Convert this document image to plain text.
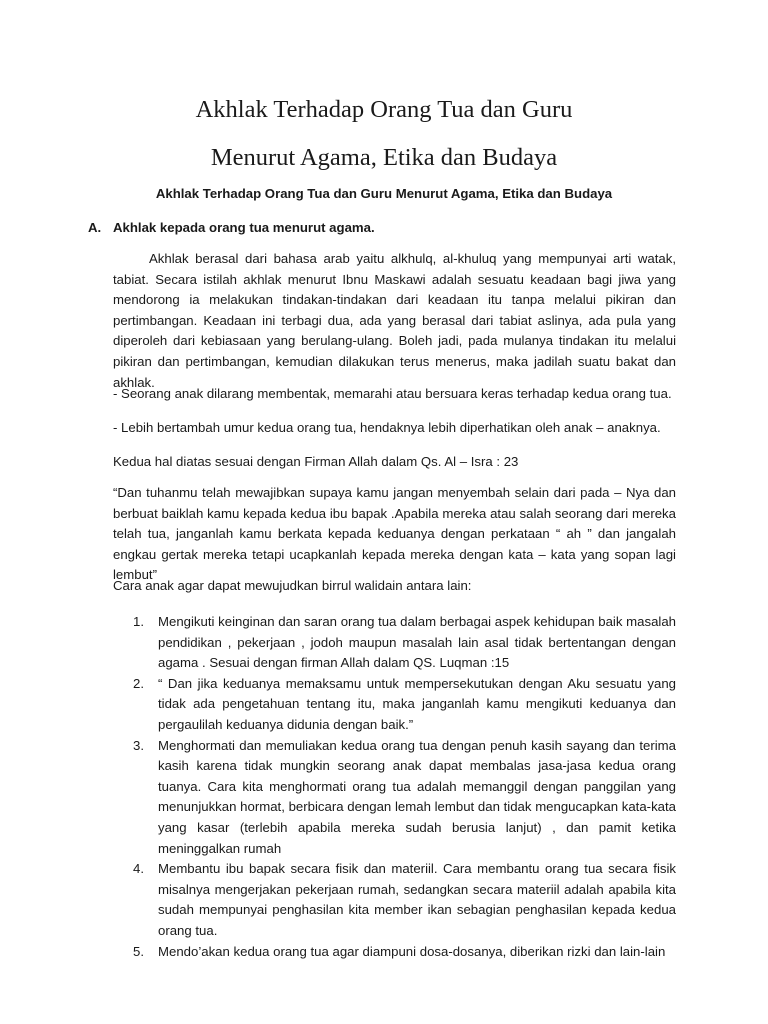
Akhlak Terhadap Orang Tua dan Guru
Menurut Agama, Etika dan Budaya
Akhlak Terhadap Orang Tua dan Guru Menurut Agama, Etika dan Budaya
A. Akhlak kepada orang tua menurut agama.

Akhlak berasal dari bahasa arab yaitu alkhulq, al-khuluq yang mempunyai arti watak, tabiat. Secara istilah akhlak menurut Ibnu Maskawi adalah sesuatu keadaan bagi jiwa yang mendorong ia melakukan tindakan-tindakan dari keadaan itu tanpa melalui pikiran dan pertimbangan. Keadaan ini terbagi dua, ada yang berasal dari tabiat aslinya, ada pula yang diperoleh dari kebiasaan yang berulang-ulang. Boleh jadi, pada mulanya tindakan itu melalui pikiran dan pertimbangan, kemudian dilakukan terus menerus, maka jadilah suatu bakat dan akhlak.

- Seorang anak dilarang membentak, memarahi atau bersuara keras terhadap kedua orang tua.

- Lebih bertambah umur kedua orang tua, hendaknya lebih diperhatikan oleh anak – anaknya.

Kedua hal diatas sesuai dengan Firman Allah dalam Qs. Al – Isra : 23

“Dan tuhanmu telah mewajibkan supaya kamu jangan menyembah selain dari pada – Nya dan berbuat baiklah kamu kepada kedua ibu bapak .Apabila mereka atau salah seorang dari mereka telah tua, janganlah kamu berkata kepada keduanya dengan perkataan “ ah ” dan jangalah engkau gertak mereka tetapi ucapkanlah kepada mereka dengan kata – kata yang sopan lagi lembut”

Cara anak agar dapat mewujudkan birrul walidain antara lain:

1. Mengikuti keinginan dan saran orang tua dalam berbagai aspek kehidupan baik masalah pendidikan , pekerjaan , jodoh maupun masalah lain asal tidak bertentangan dengan agama . Sesuai dengan firman Allah dalam QS. Luqman :15

2. “ Dan jika keduanya memaksamu untuk mempersekutukan dengan Aku sesuatu yang tidak ada pengetahuan tentang itu, maka janganlah kamu mengikuti keduanya dan pergaulilah keduanya didunia dengan baik.”

3. Menghormati dan memuliakan kedua orang tua dengan penuh kasih sayang dan terima kasih karena tidak mungkin seorang anak dapat membalas jasa-jasa kedua orang tuanya. Cara kita menghormati orang tua adalah memanggil dengan panggilan yang menunjukkan hormat, berbicara dengan lemah lembut dan tidak mengucapkan kata-kata yang kasar (terlebih apabila mereka sudah berusia lanjut) , dan pamit ketika meninggalkan rumah

4. Membantu ibu bapak secara fisik dan materiil. Cara membantu orang tua secara fisik misalnya mengerjakan pekerjaan rumah, sedangkan secara materiil adalah apabila kita sudah mempunyai penghasilan kita member ikan sebagian penghasilan kepada kedua orang tua.

5. Mendo’akan kedua orang tua agar diampuni dosa-dosanya, diberikan rizki dan lain-lain
